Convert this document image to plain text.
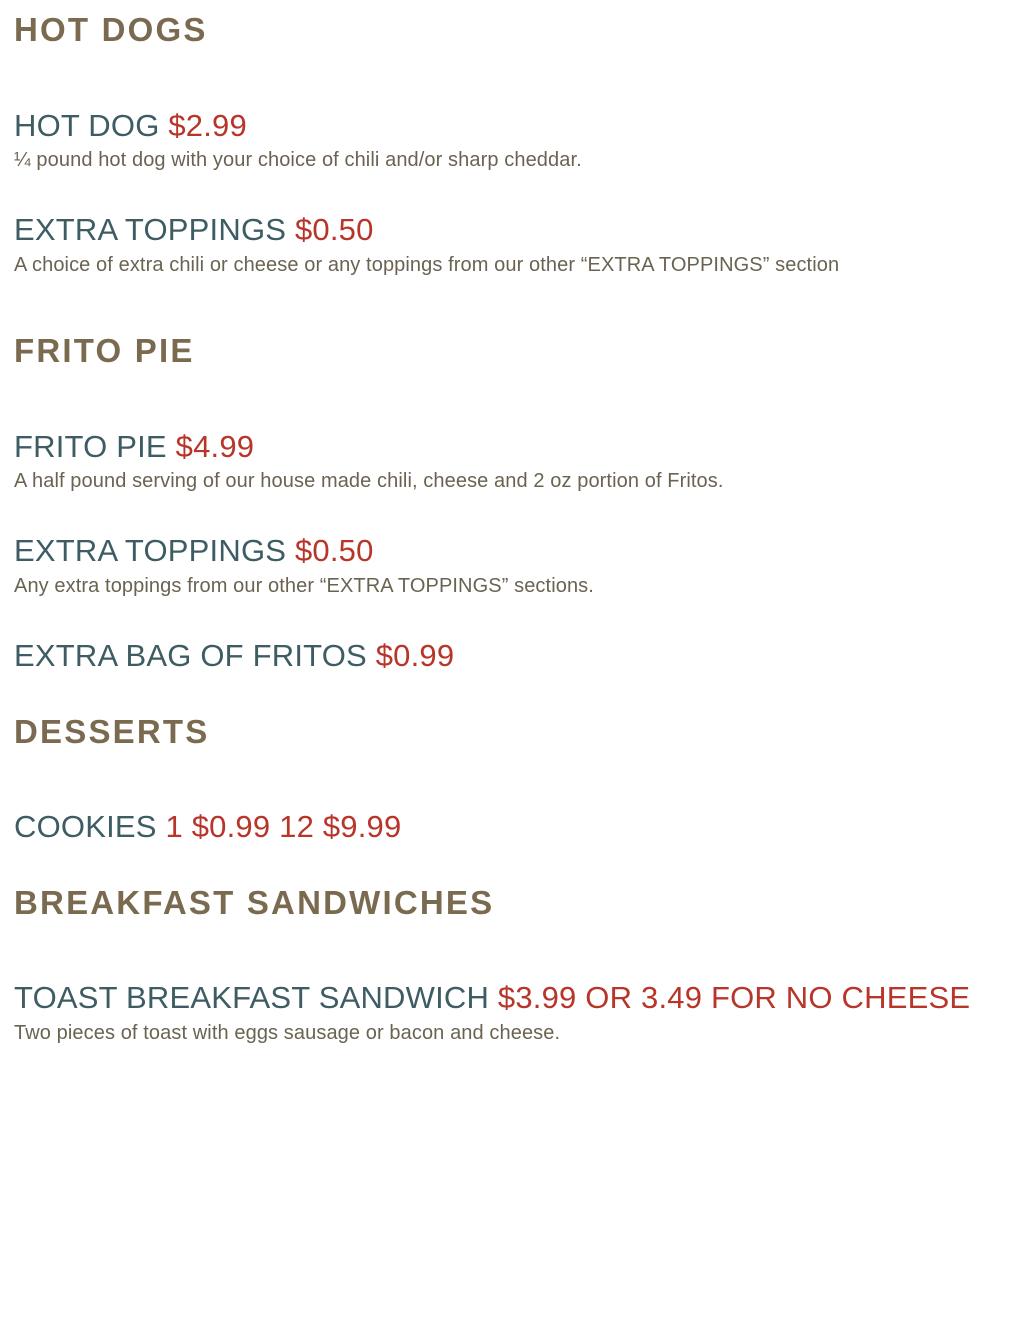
HOT DOGS
HOT DOG $2.99
¼ pound hot dog with your choice of chili and/or sharp cheddar.
EXTRA TOPPINGS $0.50
A choice of extra chili or cheese or any toppings from our other “EXTRA TOPPINGS” section
FRITO PIE
FRITO PIE $4.99
A half pound serving of our house made chili, cheese and 2 oz portion of Fritos.
EXTRA TOPPINGS $0.50
Any extra toppings from our other “EXTRA TOPPINGS” sections.
EXTRA BAG OF FRITOS $0.99
DESSERTS
COOKIES 1 $0.99 12 $9.99
BREAKFAST SANDWICHES
TOAST BREAKFAST SANDWICH $3.99 OR 3.49 FOR NO CHEESE
Two pieces of toast with eggs sausage or bacon and cheese.
